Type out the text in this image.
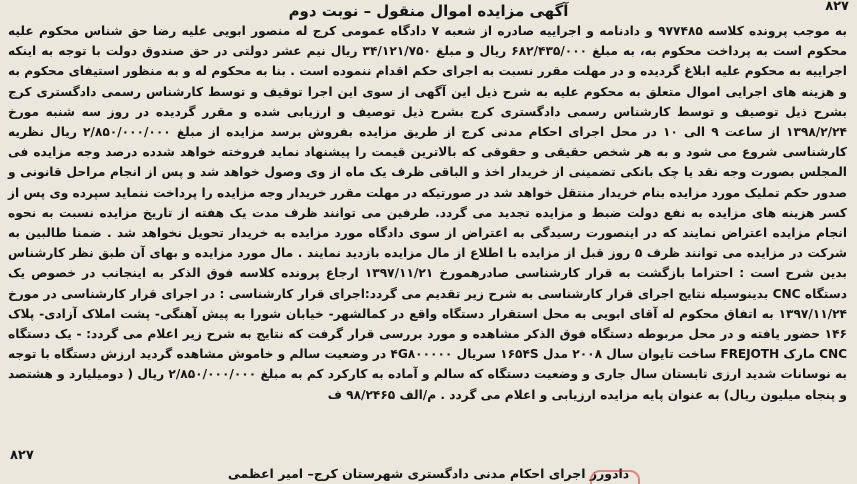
۸۲۷
آگهی مزایده اموال منقول – نوبت دوم
به موجب پرونده کلاسه ۹۷۷۴۸۵ و دادنامه و اجراییه صادره از شعبه ۷ دادگاه عمومی کرج له منصور ابویی علیه رضا حق شناس محکوم علیه محکوم است به پرداخت محکوم به، به مبلغ ۶۸۲/۴۳۵/۰۰۰ ریال و مبلغ ۳۴/۱۲۱/۷۵۰ ریال نیم عشر دولتی در حق صندوق دولت با توجه به اینکه اجراییه به محکوم علیه ابلاغ گردیده و در مهلت مقرر نسبت به اجرای حکم اقدام ننموده است . بنا به محکوم له و به منظور استیفای محکوم به و هزینه های اجرایی اموال متعلق به محکوم علیه به شرح ذیل این آگهی از سوی این اجرا توقیف و توسط کارشناس رسمی دادگستری کرج بشرح ذیل توصیف و توسط کارشناس رسمی دادگستری کرج بشرح ذیل توصیف و ارزیابی شده و مقرر گردیده در روز سه شنبه مورخ ۱۳۹۸/۲/۲۴ از ساعت ۹ الی ۱۰ در محل اجرای احکام مدنی کرج از طریق مزایده بفروش برسد مزایده از مبلغ ۲/۸۵۰/۰۰۰/۰۰۰ ریال نظریه کارشناسی شروع می شود و به هر شخص حقیقی و حقوقی که بالاترین قیمت را پیشنهاد نماید فروخته خواهد شدده درصد وجه مزایده فی المجلس بصورت وجه نقد یا چک بانکی تضمینی از خریدار اخذ و الباقی ظرف یک ماه از وی وصول خواهد شد و پس از انجام مراحل قانونی و صدور حکم تملیک مورد مزایده بنام خریدار منتقل خواهد شد در صورتیکه در مهلت مقرر خریدار وجه مزایده را پرداخت ننماید سپرده وی پس از کسر هزینه های مزایده به نفع دولت ضبط و مزایده تجدید می گردد. طرفین می توانند ظرف مدت یک هفته از تاریخ مزایده نسبت به نحوه انجام مزایده اعتراض نمایند که در اینصورت رسیدگی به اعتراض از سوی دادگاه مورد مزایده به خریدار تحویل نخواهد شد . ضمنا طالبین به شرکت در مزایده می توانند ظرف ۵ روز قبل از مزایده با اطلاع از مال مزایده بازدید نمایند . مال مورد مزایده و بهای آن طبق نظر کارشناس بدین شرح است : احتراما بازگشت به قرار کارشناسی صادرهمورخ ۱۳۹۷/۱۱/۲۱ ارجاع پرونده کلاسه فوق الذکر به اینجانب در خصوص یک دستگاه CNC بدینوسیله نتایج اجرای قرار کارشناسی به شرح زیر تقدیم می گردد:اجرای قرار کارشناسی : در اجرای قرار کارشناسی در مورخ ۱۳۹۷/۱۱/۲۴ به اتفاق محکوم له آقای ابویی به محل استقرار دستگاه واقع در کمالشهر- خیابان شورا به پیش آهنگی- پشت املاک آزادی- پلاک ۱۴۶ حضور یافته و در محل مربوطه دستگاه فوق الذکر مشاهده و مورد بررسی قرار گرفت که نتایج به شرح زیر اعلام می گردد: - یک دستگاه CNC مارک FREJOTH ساخت تایوان سال ۲۰۰۸ مدل ۱۶۵۴S سریال ۴G۸۰۰۰۰۰ در وضعیت سالم و خاموش مشاهده گردید ارزش دستگاه با توجه به نوسانات شدید ارزی تابستان سال جاری و وضعیت دستگاه که سالم و آماده به کارکرد کم به مبلغ ۲/۸۵۰/۰۰۰/۰۰۰ ریال ( دومیلیارد و هشتصد و پنجاه میلیون ریال) به عنوان پایه مزایده ارزیابی و اعلام می گردد . م/الف ۹۸/۲۴۶۵ ف
۸۲۷
دادورز اجرای احکام مدنی دادگستری شهرستان کرج– امیر اعظمی
